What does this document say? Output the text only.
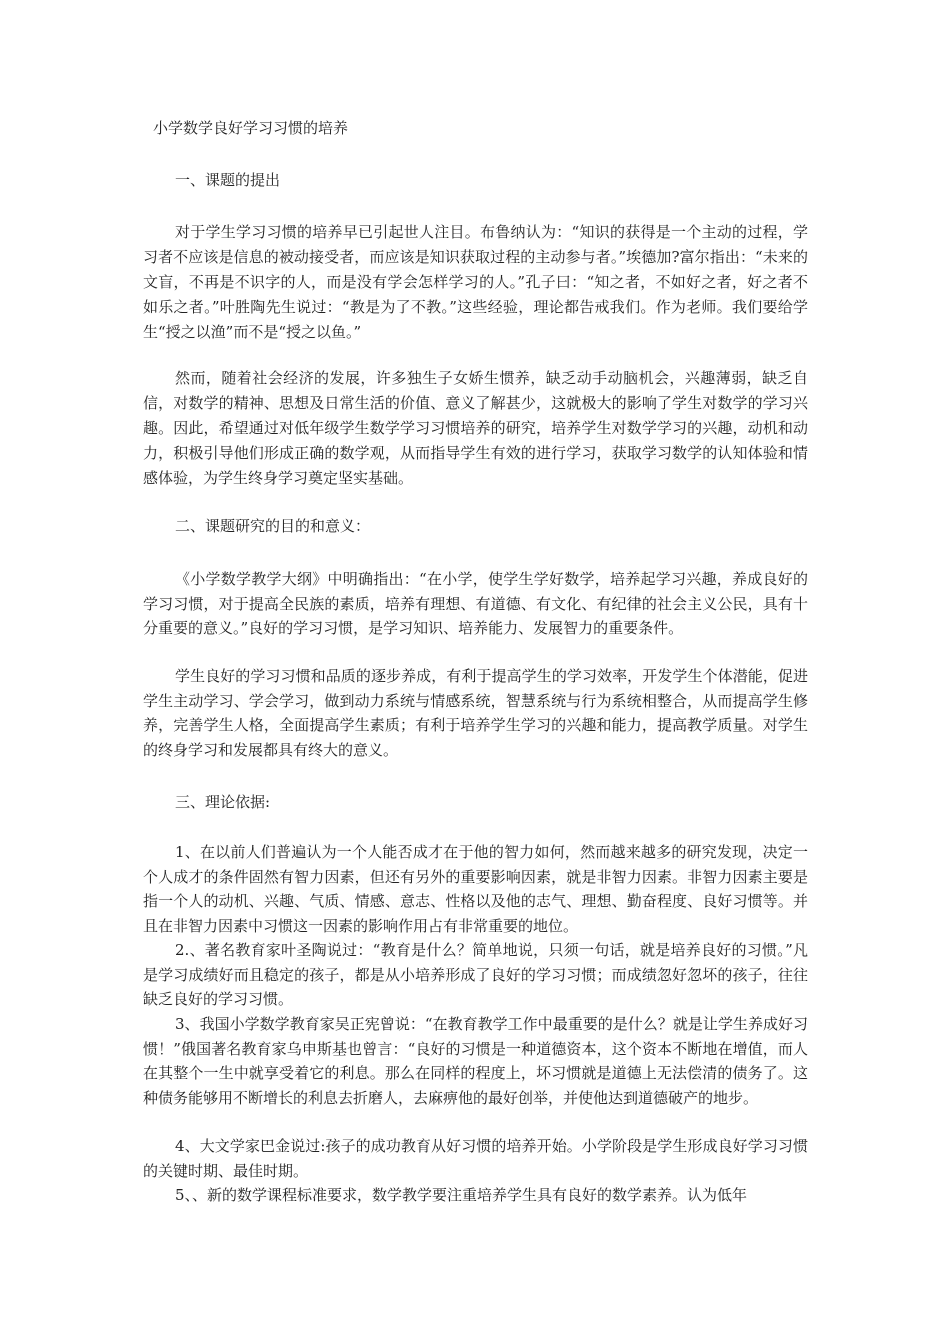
小学数学良好学习习惯的培养
一、课题的提出
对于学生学习习惯的培养早已引起世人注目。布鲁纳认为：“知识的获得是一个主动的过程，学习者不应该是信息的被动接受者，而应该是知识获取过程的主动参与者。”埃德加?富尔指出：“未来的文盲，不再是不识字的人，而是没有学会怎样学习的人。”孔子曰：“知之者，不如好之者，好之者不如乐之者。”叶胜陶先生说过：“教是为了不教。”这些经验，理论都告戒我们。作为老师。我们要给学生“授之以渔”而不是“授之以鱼。”
然而，随着社会经济的发展，许多独生子女娇生惯养，缺乏动手动脑机会，兴趣薄弱，缺乏自信，对数学的精神、思想及日常生活的价值、意义了解甚少，这就极大的影响了学生对数学的学习兴趣。因此，希望通过对低年级学生数学学习习惯培养的研究，培养学生对数学学习的兴趣，动机和动力，积极引导他们形成正确的数学观，从而指导学生有效的进行学习，获取学习数学的认知体验和情感体验，为学生终身学习奠定坚实基础。
二、课题研究的目的和意义：
《小学数学教学大纲》中明确指出：“在小学，使学生学好数学，培养起学习兴趣，养成良好的学习习惯，对于提高全民族的素质，培养有理想、有道德、有文化、有纪律的社会主义公民，具有十分重要的意义。”良好的学习习惯，是学习知识、培养能力、发展智力的重要条件。
学生良好的学习习惯和品质的逐步养成，有利于提高学生的学习效率，开发学生个体潜能，促进学生主动学习、学会学习，做到动力系统与情感系统，智慧系统与行为系统相整合，从而提高学生修养，完善学生人格，全面提高学生素质；有利于培养学生学习的兴趣和能力，提高教学质量。对学生的终身学习和发展都具有终大的意义。
三、理论依据:
1、在以前人们普遍认为一个人能否成才在于他的智力如何，然而越来越多的研究发现，决定一个人成才的条件固然有智力因素，但还有另外的重要影响因素，就是非智力因素。非智力因素主要是指一个人的动机、兴趣、气质、情感、意志、性格以及他的志气、理想、勤奋程度、良好习惯等。并且在非智力因素中习惯这一因素的影响作用占有非常重要的地位。
2.、著名教育家叶圣陶说过：“教育是什么？简单地说，只须一句话，就是培养良好的习惯。”凡是学习成绩好而且稳定的孩子，都是从小培养形成了良好的学习习惯；而成绩忽好忽坏的孩子，往往缺乏良好的学习习惯。
3、我国小学数学教育家吴正宪曾说：“在教育教学工作中最重要的是什么？就是让学生养成好习惯！”俄国著名教育家乌申斯基也曾言：“良好的习惯是一种道德资本，这个资本不断地在增值，而人在其整个一生中就享受着它的利息。那么在同样的程度上，坏习惯就是道德上无法偿清的债务了。这种债务能够用不断增长的利息去折磨人，去麻痹他的最好创举，并使他达到道德破产的地步。
4、大文学家巴金说过:孩子的成功教育从好习惯的培养开始。小学阶段是学生形成良好学习习惯的关键时期、最佳时期。
5、、新的数学课程标准要求，数学教学要注重培养学生具有良好的数学素养。认为低年
